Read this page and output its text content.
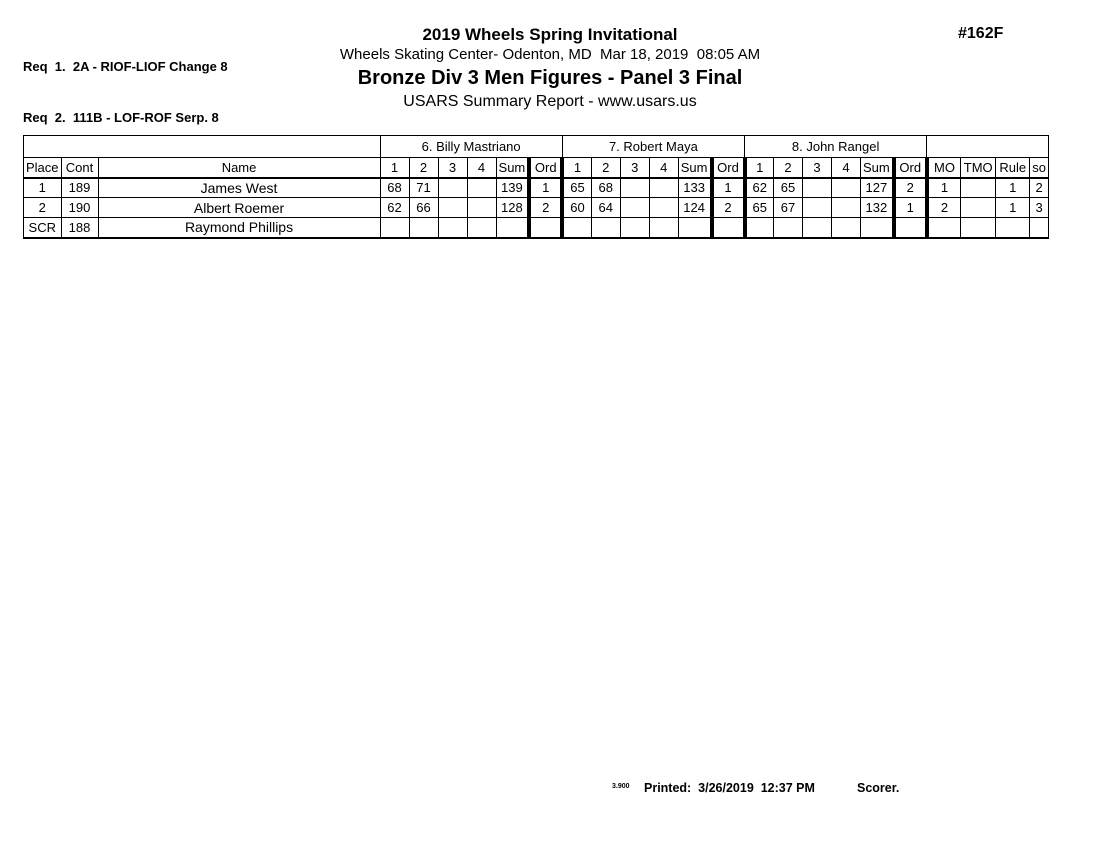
Req  1.  2A - RIOF-LIOF Change 8

Req  2.  111B - LOF-ROF Serp. 8

2019 Wheels Spring Invitational
Wheels Skating Center- Odenton, MD  Mar 18, 2019  08:05 AM
Bronze Div 3 Men Figures - Panel 3 Final
USARS Summary Report - www.usars.us
#162F
			6. Billy Mastriano						7. Robert Maya						8. John Rangel									
Place	Cont	Name	1	2	3	4	Sum	Ord	1	2	3	4	Sum	Ord	1	2	3	4	Sum	Ord	MO	TMO	Rule	so
1	189	James West	68	71			139	1	65	68			133	1	62	65			127	2	1		1	2
2	190	Albert Roemer	62	66			128	2	60	64			124	2	65	67			132	1	2		1	3
SCR	188	Raymond Phillips																						
3.900 Printed:  3/26/2019  12:37 PM	Scorer.
